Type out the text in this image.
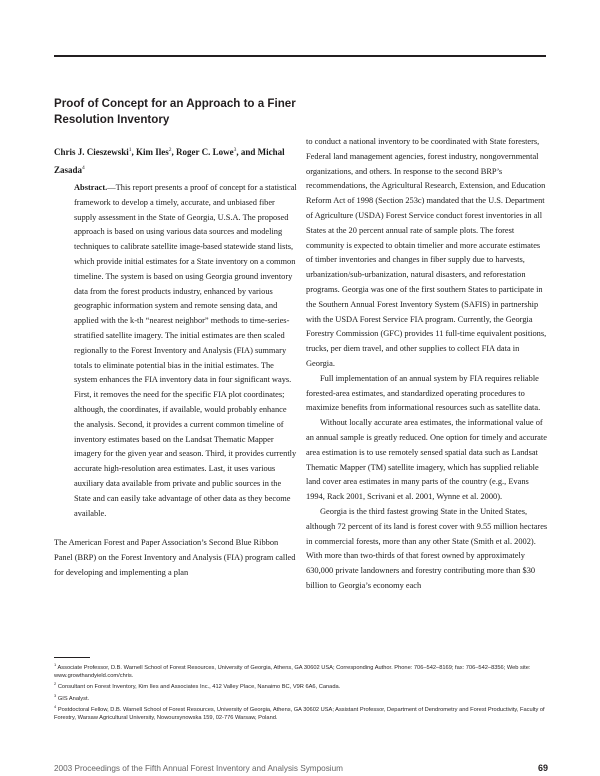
Proof of Concept for an Approach to a Finer Resolution Inventory

Chris J. Cieszewski$^1$, Kim Iles$^2$, Roger C. Lowe$^3$, and Michal Zasada$^4$

Abstract.—This report presents a proof of concept for a statistical framework to develop a timely, accurate, and unbiased fiber supply assessment in the State of Georgia, U.S.A. The proposed approach is based on using various data sources and modeling techniques to calibrate satellite image-based statewide stand lists, which provide initial estimates for a State inventory on a common timeline. The system is based on using Georgia ground inventory data from the forest products industry, enhanced by various geographic information system and remote sensing data, and applied with the k-th “nearest neighbor” methods to time-series-stratified satellite imagery. The initial estimates are then scaled regionally to the Forest Inventory and Analysis (FIA) summary totals to eliminate potential bias in the initial estimates. The system enhances the FIA inventory data in four significant ways. First, it removes the need for the specific FIA plot coordinates; although, the coordinates, if available, would probably enhance the analysis. Second, it provides a current common timeline of inventory estimates based on the Landsat Thematic Mapper imagery for the given year and season. Third, it provides currently accurate high-resolution area estimates. Last, it uses various auxiliary data available from private and public sources in the State and can easily take advantage of other data as they become available.

The American Forest and Paper Association’s Second Blue Ribbon Panel (BRP) on the Forest Inventory and Analysis (FIA) program called for developing and implementing a plan

to conduct a national inventory to be coordinated with State foresters, Federal land management agencies, forest industry, nongovernmental organizations, and others. In response to the second BRP’s recommendations, the Agricultural Research, Extension, and Education Reform Act of 1998 (Section 253c) mandated that the U.S. Department of Agriculture (USDA) Forest Service conduct forest inventories in all States at the 20 percent annual rate of sample plots. The forest community is expected to obtain timelier and more accurate estimates of timber inventories and changes in fiber supply due to harvests, urbanization/sub-urbanization, natural disasters, and reforestation programs. Georgia was one of the first southern States to participate in the Southern Annual Forest Inventory System (SAFIS) in partnership with the USDA Forest Service FIA program. Currently, the Georgia Forestry Commission (GFC) provides 11 full-time equivalent positions, trucks, per diem travel, and other supplies to collect FIA data in Georgia.

Full implementation of an annual system by FIA requires reliable forested-area estimates, and standardized operating procedures to maximize benefits from informational resources such as satellite data.

Without locally accurate area estimates, the informational value of an annual sample is greatly reduced. One option for timely and accurate area estimation is to use remotely sensed spatial data such as Landsat Thematic Mapper (TM) satellite imagery, which has supplied reliable land cover area estimates in many parts of the country (e.g., Evans 1994, Rack 2001, Scrivani et al. 2001, Wynne et al. 2000).

Georgia is the third fastest growing State in the United States, although 72 percent of its land is forest cover with 9.55 million hectares in commercial forests, more than any other State (Smith et al. 2002). With more than two-thirds of that forest owned by approximately 630,000 private landowners and forestry contributing more than $30 billion to Georgia’s economy each

$^1$ Associate Professor, D.B. Warnell School of Forest Resources, University of Georgia, Athens, GA 30602 USA; Corresponding Author. Phone: 706–542–8169; fax: 706–542–8356; Web site: www.growthandyield.com/chris.

$^2$ Consultant on Forest Inventory, Kim Iles and Associates Inc., 412 Valley Place, Nanaimo BC, V9R 6A6, Canada.

$^3$ GIS Analyst.

$^4$ Postdoctoral Fellow, D.B. Warnell School of Forest Resources, University of Georgia, Athens, GA 30602 USA; Assistant Professor, Department of Dendrometry and Forest Productivity, Faculty of Forestry, Warsaw Agricultural University, Nowoursynowska 159, 02-776 Warsaw, Poland.

2003 Proceedings of the Fifth Annual Forest Inventory and Analysis Symposium	69
